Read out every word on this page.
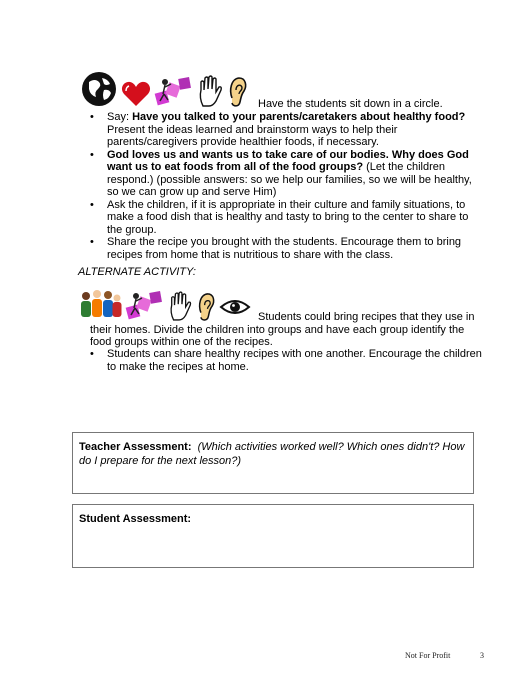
Have the students sit down in a circle.
• Say: Have you talked to your parents/caretakers about healthy food? Present the ideas learned and brainstorm ways to help their parents/caregivers provide healthier foods, if necessary.
• God loves us and wants us to take care of our bodies. Why does God want us to eat foods from all of the food groups? (Let the children respond.) (possible answers: so we help our families, so we will be healthy, so we can grow up and serve Him)
• Ask the children, if it is appropriate in their culture and family situations, to make a food dish that is healthy and tasty to bring to the center to share to the group.
• Share the recipe you brought with the students. Encourage them to bring recipes from home that is nutritious to share with the class.
ALTERNATE ACTIVITY:
Students could bring recipes that they use in their homes. Divide the children into groups and have each group identify the food groups within one of the recipes.
• Students can share healthy recipes with one another. Encourage the children to make the recipes at home.
Teacher Assessment: (Which activities worked well? Which ones didn't? How do I prepare for the next lesson?)
Student Assessment:
Not For Profit	3
